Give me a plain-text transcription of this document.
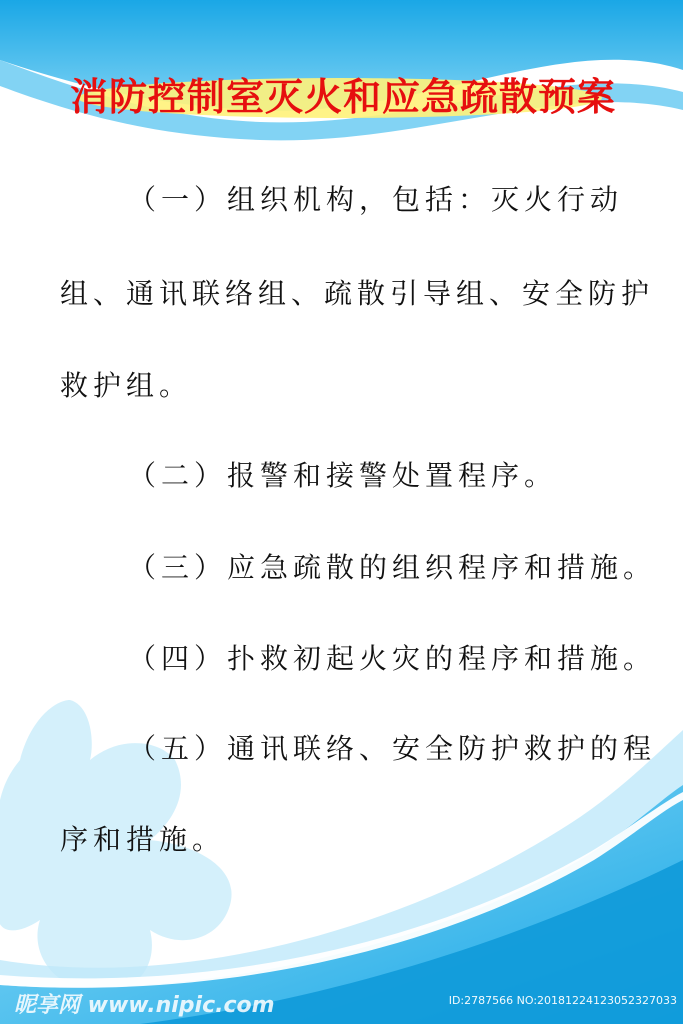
消防控制室灭火和应急疏散预案
（一）组织机构，包括：灭火行动
组、通讯联络组、疏散引导组、安全防护
救护组。
（二）报警和接警处置程序。
（三）应急疏散的组织程序和措施。
（四）扑救初起火灾的程序和措施。
（五）通讯联络、安全防护救护的程
序和措施。
昵享网 www.nipic.com	ID:2787566 NO:20181224123052327033
